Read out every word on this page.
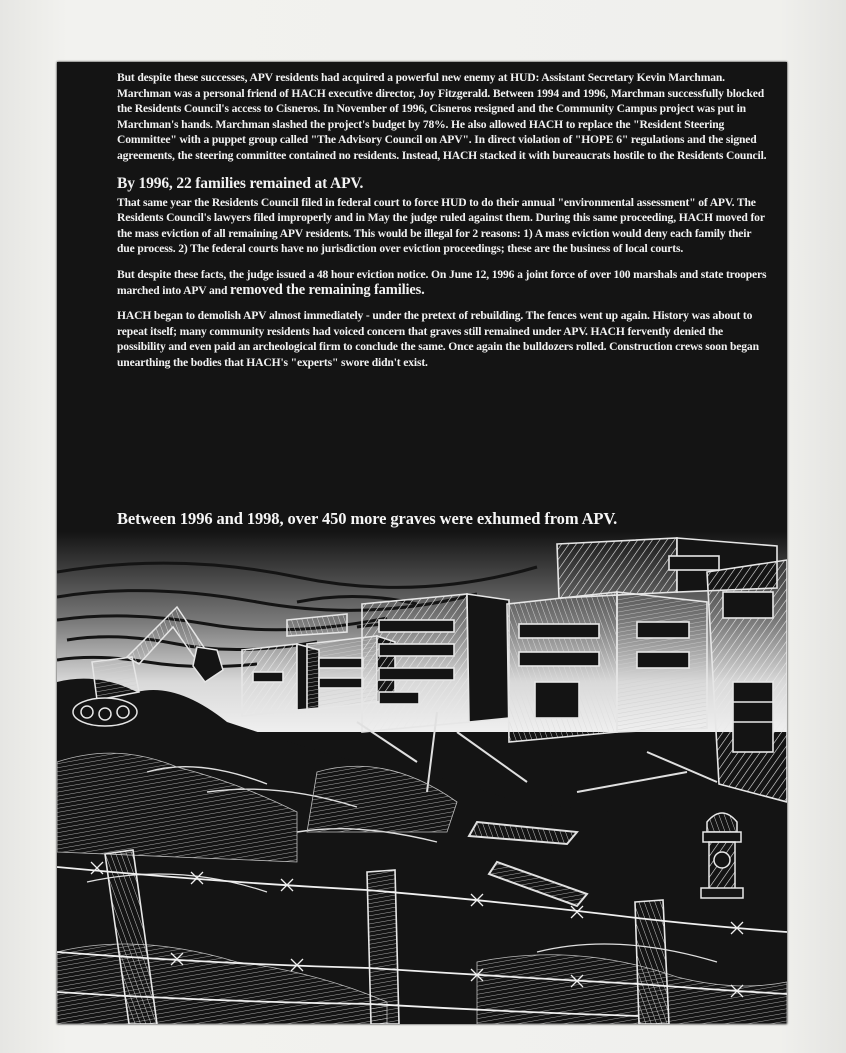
But despite these successes, APV residents had acquired a powerful new enemy at HUD: Assistant Secretary Kevin Marchman. Marchman was a personal friend of HACH executive director, Joy Fitzgerald. Between 1994 and 1996, Marchman successfully blocked the Residents Council's access to Cisneros. In November of 1996, Cisneros resigned and the Community Campus project was put in Marchman's hands. Marchman slashed the project's budget by 78%. He also allowed HACH to replace the "Resident Steering Committee" with a puppet group called "The Advisory Council on APV". In direct violation of "HOPE 6" regulations and the signed agreements, the steering committee contained no residents. Instead, HACH stacked it with bureaucrats hostile to the Residents Council.

By 1996, 22 families remained at APV.

That same year the Residents Council filed in federal court to force HUD to do their annual "environmental assessment" of APV. The Residents Council's lawyers filed improperly and in May the judge ruled against them. During this same proceeding, HACH moved for the mass eviction of all remaining APV residents. This would be illegal for 2 reasons: 1) A mass eviction would deny each family their due process. 2) The federal courts have no jurisdiction over eviction proceedings; these are the business of local courts.

But despite these facts, the judge issued a 48 hour eviction notice. On June 12, 1996 a joint force of over 100 marshals and state troopers marched into APV and removed the remaining families.

HACH began to demolish APV almost immediately - under the pretext of rebuilding. The fences went up again. History was about to repeat itself; many community residents had voiced concern that graves still remained under APV. HACH fervently denied the possibility and even paid an archeological firm to conclude the same. Once again the bulldozers rolled. Construction crews soon began unearthing the bodies that HACH's "experts" swore didn't exist.

Between 1996 and 1998, over 450 more graves were exhumed from APV.
